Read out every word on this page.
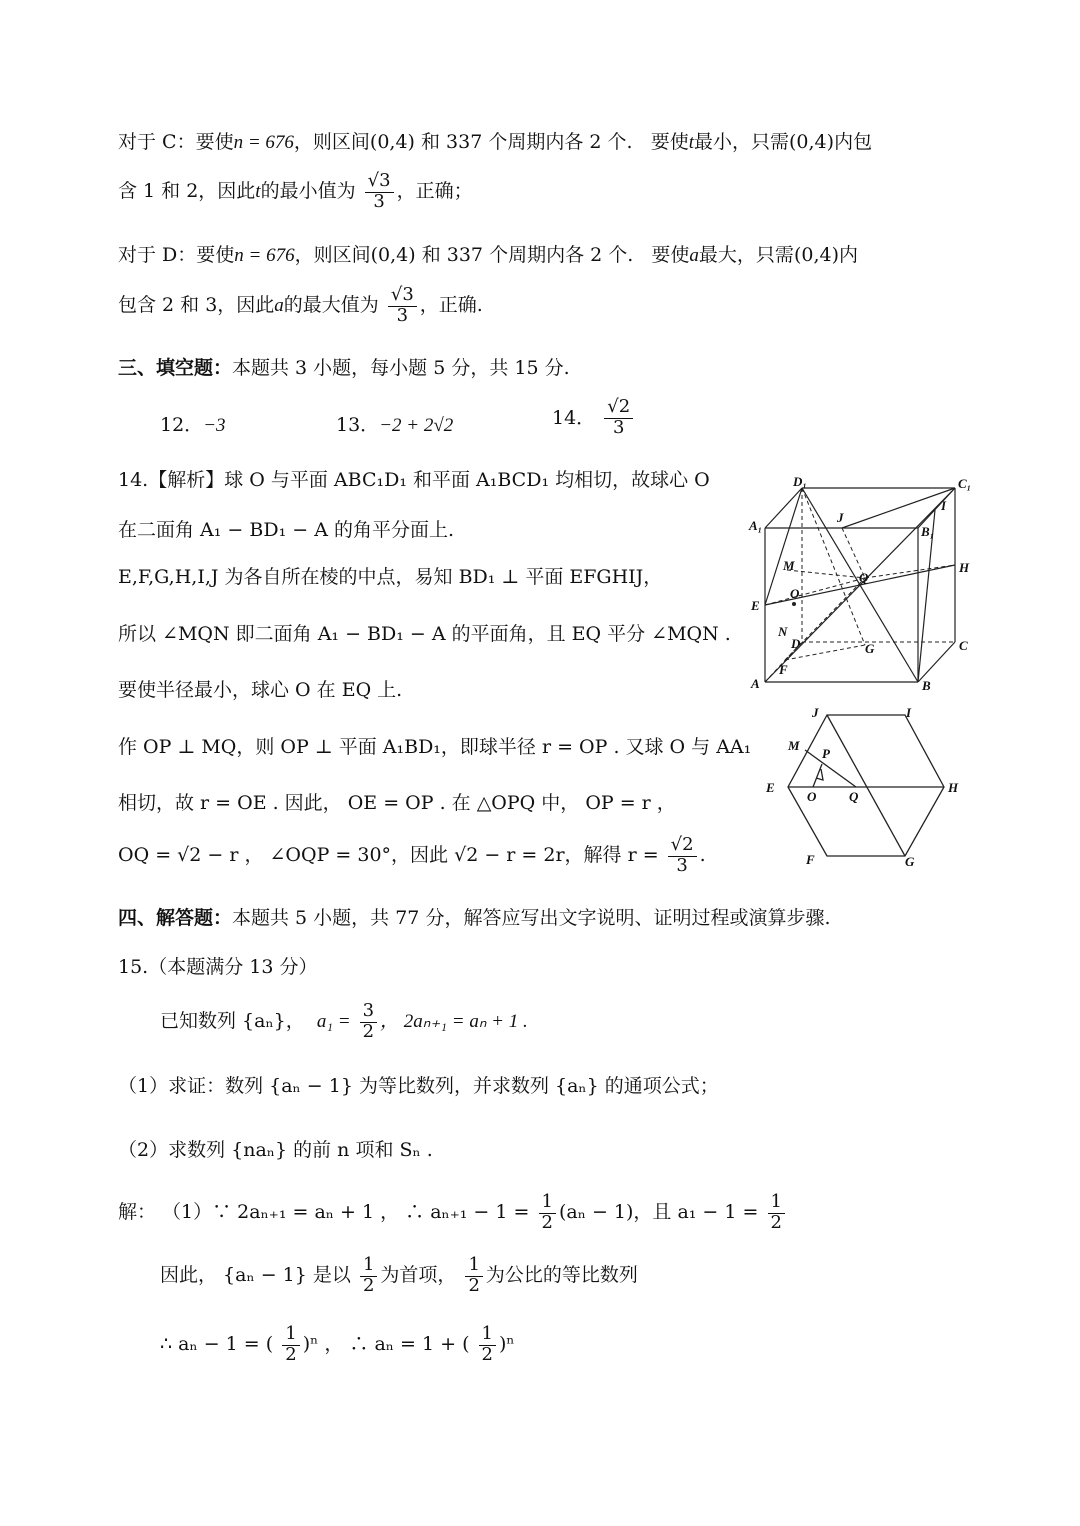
对于 C：要使n = 676，则区间(0,4) 和 337 个周期内各 2 个. 要使t最小，只需(0,4)内包
含 1 和 2，因此t的最小值为 $\frac{√3}{3}$ ，正确；
对于 D：要使n = 676，则区间(0,4) 和 337 个周期内各 2 个. 要使a最大，只需(0,4)内
包含 2 和 3，因此a的最大值为 $\frac{√3}{3}$ ，正确.
三、填空题：本题共 3 小题，每小题 5 分，共 15 分.
12．−3	13．−2 + 2√2	14． $\frac{√2}{3}$
14.【解析】球 O 与平面 ABC₁D₁ 和平面 A₁BCD₁ 均相切，故球心 O
在二面角 A₁ − BD₁ − A 的角平分面上.
E,F,G,H,I,J 为各自所在棱的中点，易知 BD₁ ⊥ 平面 EFGHIJ，
所以 ∠MQN 即二面角 A₁ − BD₁ − A 的平面角，且 EQ 平分 ∠MQN .
要使半径最小，球心 O 在 EQ 上.
作 OP ⊥ MQ，则 OP ⊥ 平面 A₁BD₁，即球半径 r = OP . 又球 O 与 AA₁
相切，故 r = OE . 因此， OE = OP . 在 △OPQ 中， OP = r ，
OQ = √2 − r ， ∠OQP = 30°，因此 √2 − r = 2r，解得 $r = \frac{√2}{3}$ .
四、解答题：本题共 5 小题，共 77 分，解答应写出文字说明、证明过程或演算步骤.
15.（本题满分 13 分）
已知数列 {aₙ}， $a_1 = \frac{3}{2}$ ， 2aₙ₊₁ = aₙ + 1 .
（1）求证：数列 {aₙ − 1} 为等比数列，并求数列 {aₙ} 的通项公式；
（2）求数列 {naₙ} 的前 n 项和 Sₙ .
解： （1）∵ 2aₙ₊₁ = aₙ + 1 ， ∴ $a_{n+1} - 1 = \frac{1}{2} (a_n - 1)$，且 $a_1 - 1 = \frac{1}{2}$
因此， {aₙ − 1} 是以 $\frac{1}{2}$ 为首项， $\frac{1}{2}$ 为公比的等比数列
∴ aₙ − 1 = ( $\frac{1}{2} )^n$ ， ∴ aₙ = 1 + ( $\frac{1}{2} )^n$
D₁	C₁
A₁	B₁
J
I
H
M
Q
E
O
N
D	G	C
F
A	B
J	I
M
P
E
O	Q
H
F	G
